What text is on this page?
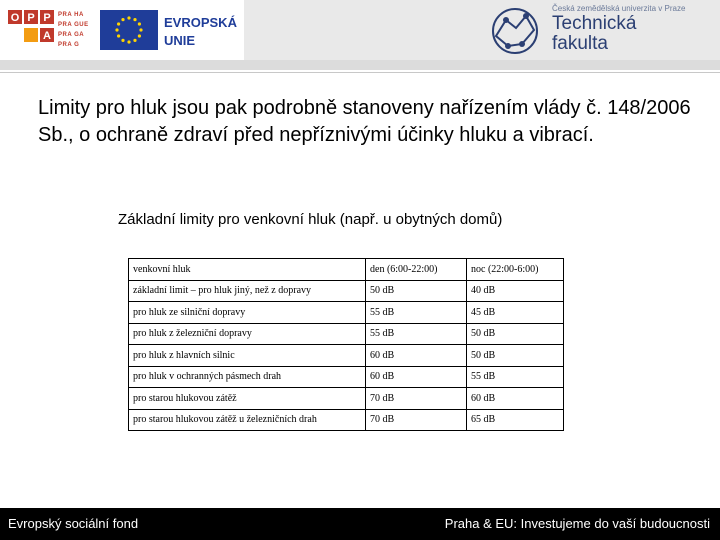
O P P
A
PRA HA
PRA GUE
PRA GA
PRA G
EVROPSKÁ
UNIE
Česká zemědělská univerzita v Praze
Technická
fakulta
Limity pro hluk jsou pak podrobně stanoveny nařízením vlády č. 148/2006 Sb., o ochraně zdraví před nepříznivými účinky hluku a vibrací.
Základní limity pro venkovní hluk (např. u obytných domů)
venkovní hluk	den (6:00-22:00)	noc (22:00-6:00)
základní limit – pro hluk jiný, než z dopravy	50 dB	40 dB
pro hluk ze silniční dopravy	55 dB	45 dB
pro hluk z železniční dopravy	55 dB	50 dB
pro hluk z hlavních silnic	60 dB	50 dB
pro hluk v ochranných pásmech drah	60 dB	55 dB
pro starou hlukovou zátěž	70 dB	60 dB
pro starou hlukovou zátěž u železničních drah	70 dB	65 dB
Evropský sociální fond	Praha & EU: Investujeme do vaší budoucnosti
